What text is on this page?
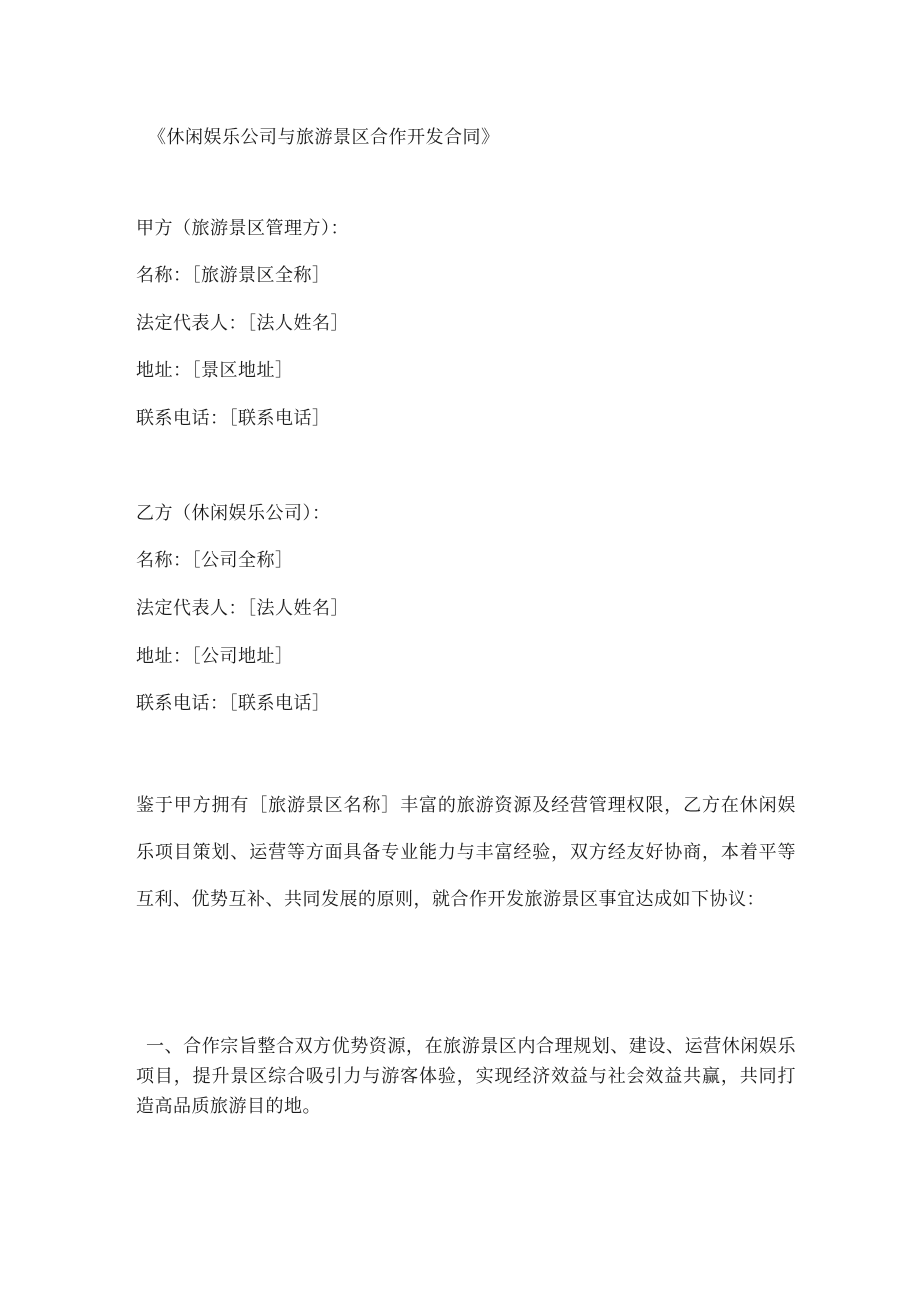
《休闲娱乐公司与旅游景区合作开发合同》
甲方（旅游景区管理方）：
名称：［旅游景区全称］
法定代表人：［法人姓名］
地址：［景区地址］
联系电话：［联系电话］
乙方（休闲娱乐公司）：
名称：［公司全称］
法定代表人：［法人姓名］
地址：［公司地址］
联系电话：［联系电话］
鉴于甲方拥有［旅游景区名称］丰富的旅游资源及经营管理权限，乙方在休闲娱乐项目策划、运营等方面具备专业能力与丰富经验，双方经友好协商，本着平等互利、优势互补、共同发展的原则，就合作开发旅游景区事宜达成如下协议：
一、合作宗旨整合双方优势资源，在旅游景区内合理规划、建设、运营休闲娱乐项目，提升景区综合吸引力与游客体验，实现经济效益与社会效益共赢，共同打造高品质旅游目的地。
